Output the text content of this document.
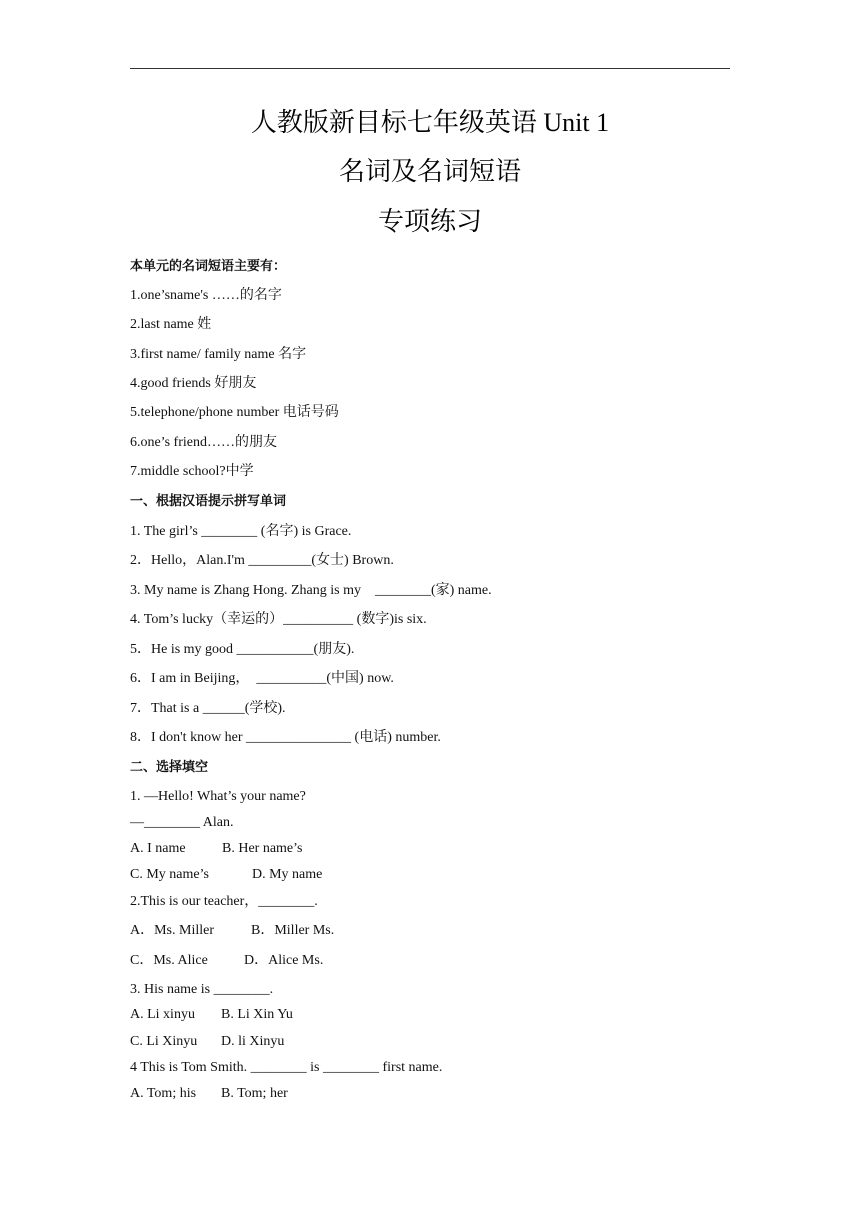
人教版新目标七年级英语 Unit 1
名词及名词短语
专项练习
本单元的名词短语主要有：
1.one’sname's ……的名字
2.last name 姓
3.first name/ family name 名字
4.good friends 好朋友
5.telephone/phone number 电话号码
6.one’s friend……的朋友
7.middle school?中学
一、根据汉语提示拼写单词
1. The girl’s ________ (名字) is Grace.
2．Hello，Alan.I'm _________(女士) Brown.
3. My name is Zhang Hong. Zhang is my    ________(家) name.
4. Tom’s lucky（幸运的）__________ (数字)is six.
5．He is my good ___________(朋友).
6．I am in Beijing，  __________(中国) now.
7．That is a ______(学校).
8．I don't know her _______________ (电话) number.
二、选择填空
1. —Hello! What’s your name?
—________ Alan.
A. I name	B. Her name’s
C. My name’s	D. My name
2.This is our teacher，________.
A．Ms. Miller	B．Miller Ms.
C．Ms. Alice	D．Alice Ms.
3. His name is ________.
A. Li xinyu B. Li Xin Yu
C. Li Xinyu D. li Xinyu
4 This is Tom Smith. ________ is ________ first name.
A. Tom; his B. Tom; her
